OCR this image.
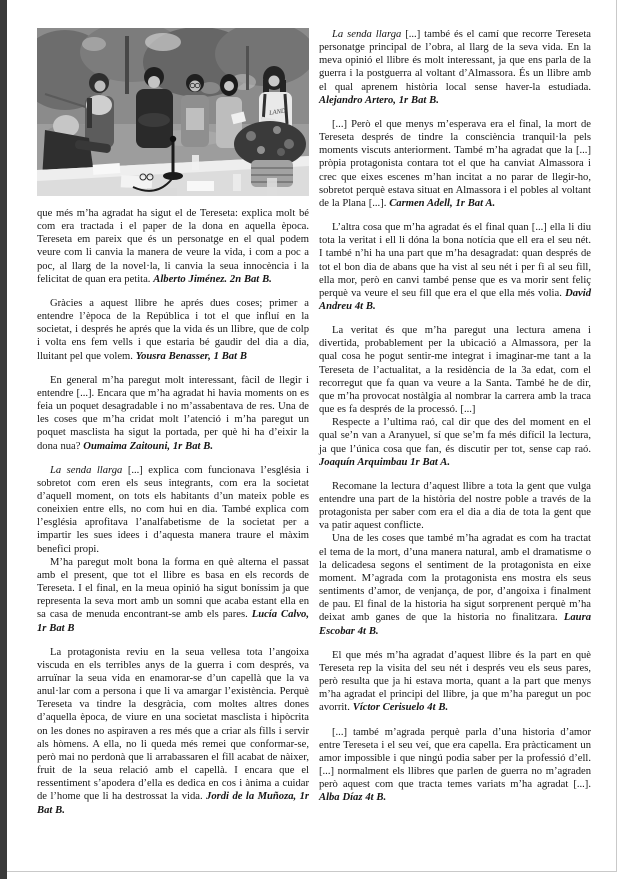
LAND

que més m’ha agradat ha sigut el de Tereseta: explica molt bé com era tractada i el paper de la dona en aquella època. Tereseta em pareix que és un personatge en el qual podem veure com li canvia la manera de veure la vida, i com a poc a poc, al llarg de la novel·la, li canvia la seua innocència i la felicitat de quan era petita. Alberto Jiménez. 2n Bat B.

Gràcies a aquest llibre he aprés dues coses; primer a entendre l’època de la República i tot el que influí en la societat, i després he aprés que la vida és un llibre, que de colp i volta ens fem vells i que estaria bé gaudir del dia a dia, lluitant pel que volem. Yousra Benasser, 1 Bat B

En general m’ha paregut molt interessant, fàcil de llegir i entendre [...]. Encara que m’ha agradat hi havia moments on es feia un poquet desagradable i no m’assabentava de res. Una de les coses que m’ha cridat molt l’atenció i m’ha paregut un poquet masclista ha sigut la portada, per què hi ha d’eixir la dona nua? Oumaima Zaitouni, 1r Bat B.

La senda llarga [...] explica com funcionava l’església i sobretot com eren els seus integrants, com era la societat d’aquell moment, on tots els habitants d’un mateix poble es coneixien entre ells, no com hui en dia. També explica com l’església aprofitava l’analfabetisme de la societat per a impartir les sues idees i d’aquesta manera traure el màxim benefici propi.

M’ha paregut molt bona la forma en què alterna el passat amb el present, que tot el llibre es basa en els records de Tereseta. I el final, en la meua opinió ha sigut boníssim ja que representa la seva mort amb un somni que acaba estant ella en sa casa de menuda encontrant-se amb els pares. Lucía Calvo, 1r Bat B

La protagonista reviu en la seua vellesa tota l’angoixa viscuda en els terribles anys de la guerra i com després, va arruïnar la seua vida en enamorar-se d’un capellà que la va anul·lar com a persona i que li va amargar l’existència. Perquè Tereseta va tindre la desgràcia, com moltes altres dones d’aquella època, de viure en una societat masclista i hipòcrita on les dones no aspiraven a res més que a criar als fills i servir als hòmens. A ella, no li queda més remei que conformar-se, però mai no perdonà que li arrabassaren el fill acabat de nàixer, fruit de la seua relació amb el capellà. I encara que el ressentiment s’apodera d’ella es dedica en cos i ànima a cuidar de l’home que li ha destrossat la vida. Jordi de la Muñoza, 1r Bat B.

La senda llarga [...] també és el camí que recorre Tereseta personatge principal de l’obra, al llarg de la seva vida. En la meva opinió el llibre és molt interessant, ja que ens parla de la guerra i la postguerra al voltant d’Almassora. És un llibre amb el qual aprenem història local sense haver-la estudiada. Alejandro Artero, 1r Bat B.

[...] Però el que menys m’esperava era el final, la mort de Tereseta després de tindre la consciència tranquil·la pels moments viscuts anteriorment. També m’ha agradat que la [...] pròpia protagonista contara tot el que ha canviat Almassora i crec que eixes escenes m’han incitat a no parar de llegir-ho, sobretot perquè estava situat en Almassora i el pobles al voltant de la Plana [...]. Carmen Adell, 1r Bat A.

L’altra cosa que m’ha agradat és el final quan [...] ella li diu tota la veritat i ell li dóna la bona notícia que ell era el seu nét. I també n’hi ha una part que m’ha desagradat: quan després de tot el bon dia de abans que ha vist al seu nét i per fi al seu fill, ella mor, però en canvi també pense que es va morir sent feliç perquè va veure el seu fill que era el que ella més volia. David Andreu 4t B.

La veritat és que m’ha paregut una lectura amena i divertida, probablement per la ubicació a Almassora, per la qual cosa he pogut sentir-me integrat i imaginar-me tant a la Tereseta de l’actualitat, a la residència de la 3a edat, com el recorregut que fa quan va veure a la Santa. També he de dir, que m’ha provocat nostàlgia al nombrar la carrera amb la traca que es fa després de la processó. [...]

Respecte a l’ultima raó, cal dir que des del moment en el qual se’n van a Aranyuel, sí que se’m fa més difícil la lectura, ja que l’única cosa que fan, és discutir per tot, sense cap raó. Joaquín Arquimbau 1r Bat A.

Recomane la lectura d’aquest llibre a tota la gent que vulga entendre una part de la història del nostre poble a través de la protagonista per saber com era el dia a dia de tota la gent que va patir aquest conflicte.

Una de les coses que també m’ha agradat es com ha tractat el tema de la mort, d’una manera natural, amb el dramatisme o la delicadesa segons el sentiment de la protagonista en eixe moment. M’agrada com la protagonista ens mostra els seus sentiments d’amor, de venjança, de por, d’angoixa i finalment de pau. El final de la historia ha sigut sorprenent perquè m’ha deixat amb ganes de que la historia no finalitzara. Laura Escobar 4t B.

El que més m’ha agradat d’aquest llibre és la part en què Tereseta rep la visita del seu nét i després veu els seus pares, però resulta que ja hi estava morta, quant a la part que menys m’ha agradat el principi del llibre, ja que m’ha paregut un poc avorrit. Víctor Cerisuelo 4t B.

[...] també m’agrada perquè parla d’una historia d’amor entre Tereseta i el seu veí, que era capella. Era pràcticament un amor impossible i que ningú podia saber per la professió d’ell. [...] normalment els llibres que parlen de guerra no m’agraden però aquest com que tracta temes variats m’ha agradat [...]. Alba Díaz 4t B.
